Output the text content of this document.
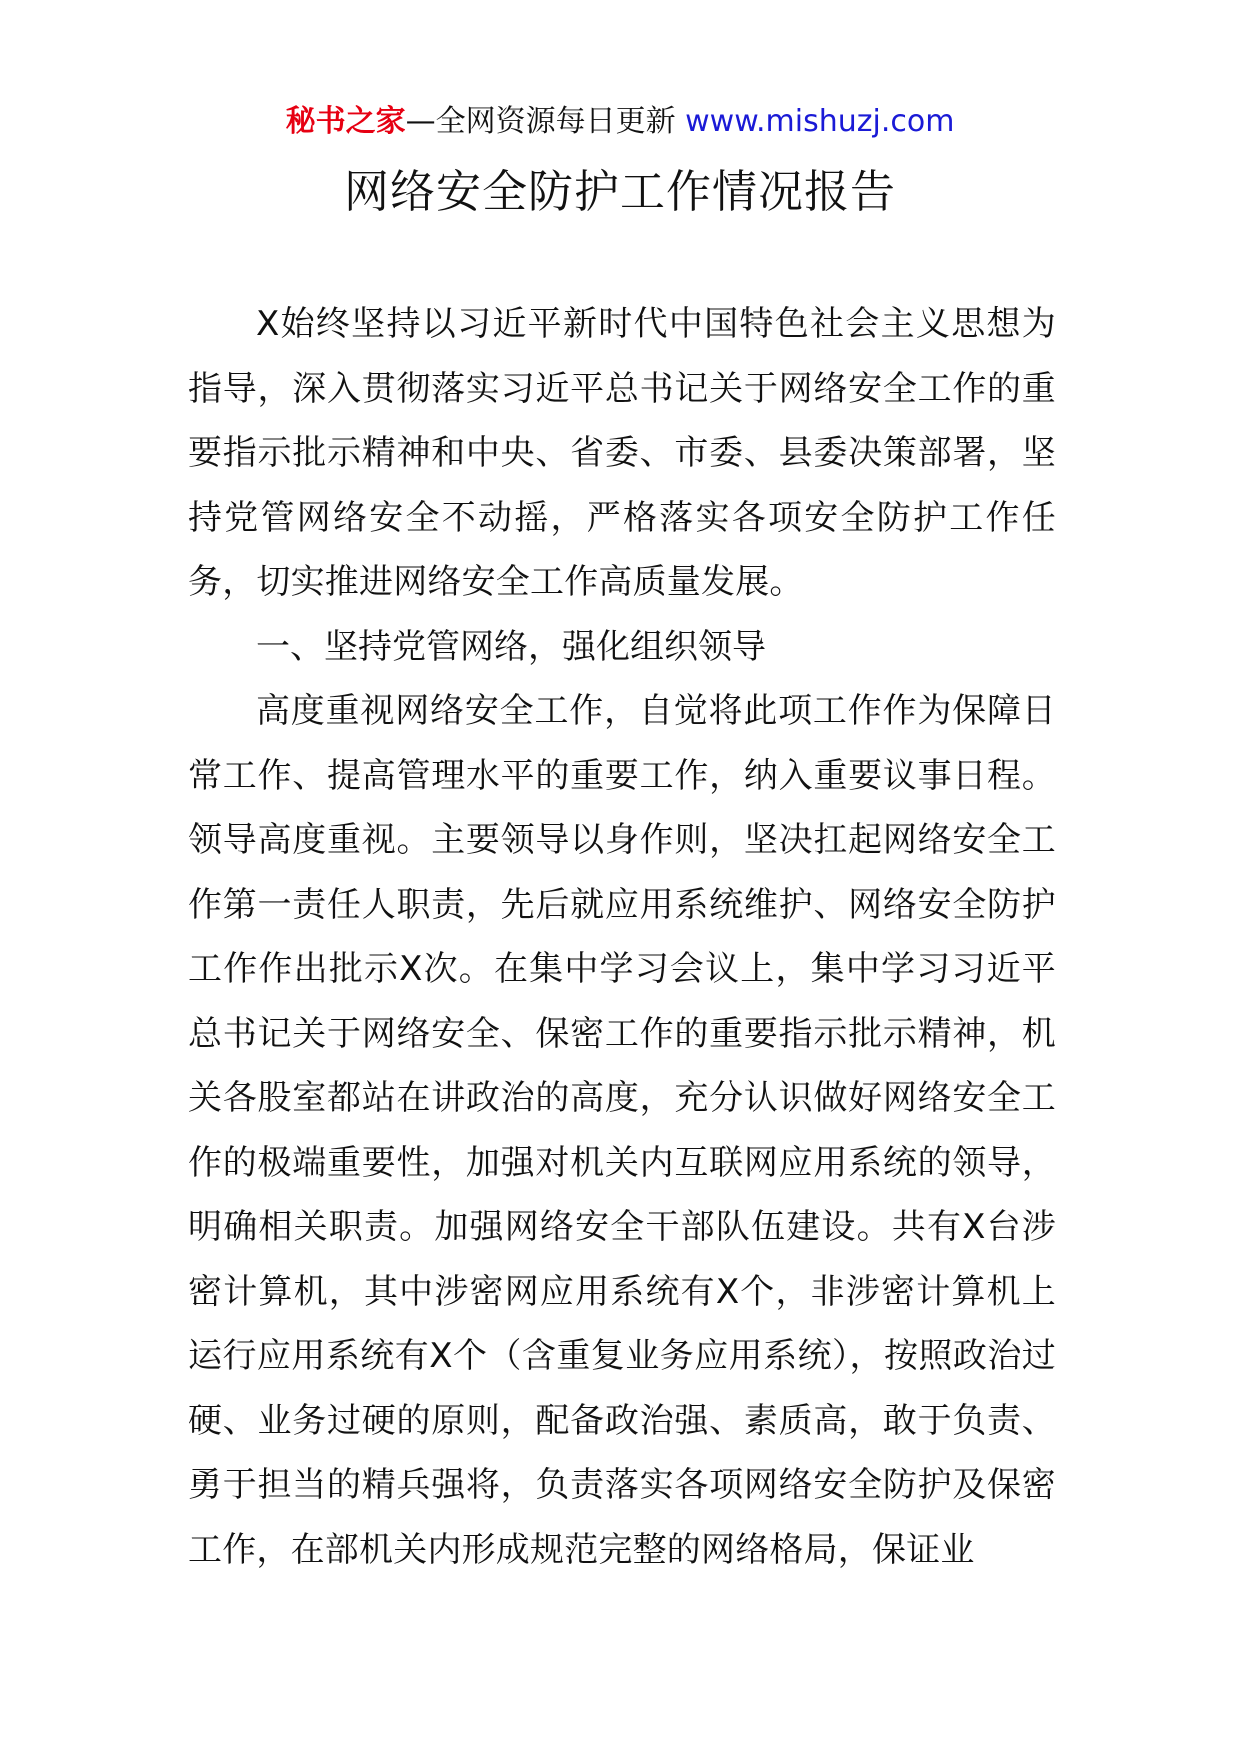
秘书之家—全网资源每日更新 www.mishuzj.com
网络安全防护工作情况报告

X始终坚持以习近平新时代中国特色社会主义思想为指导，深入贯彻落实习近平总书记关于网络安全工作的重要指示批示精神和中央、省委、市委、县委决策部署，坚持党管网络安全不动摇，严格落实各项安全防护工作任务，切实推进网络安全工作高质量发展。

一、坚持党管网络，强化组织领导

高度重视网络安全工作，自觉将此项工作作为保障日常工作、提高管理水平的重要工作，纳入重要议事日程。领导高度重视。主要领导以身作则，坚决扛起网络安全工作第一责任人职责，先后就应用系统维护、网络安全防护工作作出批示X次。在集中学习会议上，集中学习习近平总书记关于网络安全、保密工作的重要指示批示精神，机关各股室都站在讲政治的高度，充分认识做好网络安全工作的极端重要性，加强对机关内互联网应用系统的领导，明确相关职责。加强网络安全干部队伍建设。共有X台涉密计算机，其中涉密网应用系统有X个，非涉密计算机上运行应用系统有X个（含重复业务应用系统），按照政治过硬、业务过硬的原则，配备政治强、素质高，敢于负责、勇于担当的精兵强将，负责落实各项网络安全防护及保密工作，在部机关内形成规范完整的网络格局，保证业
